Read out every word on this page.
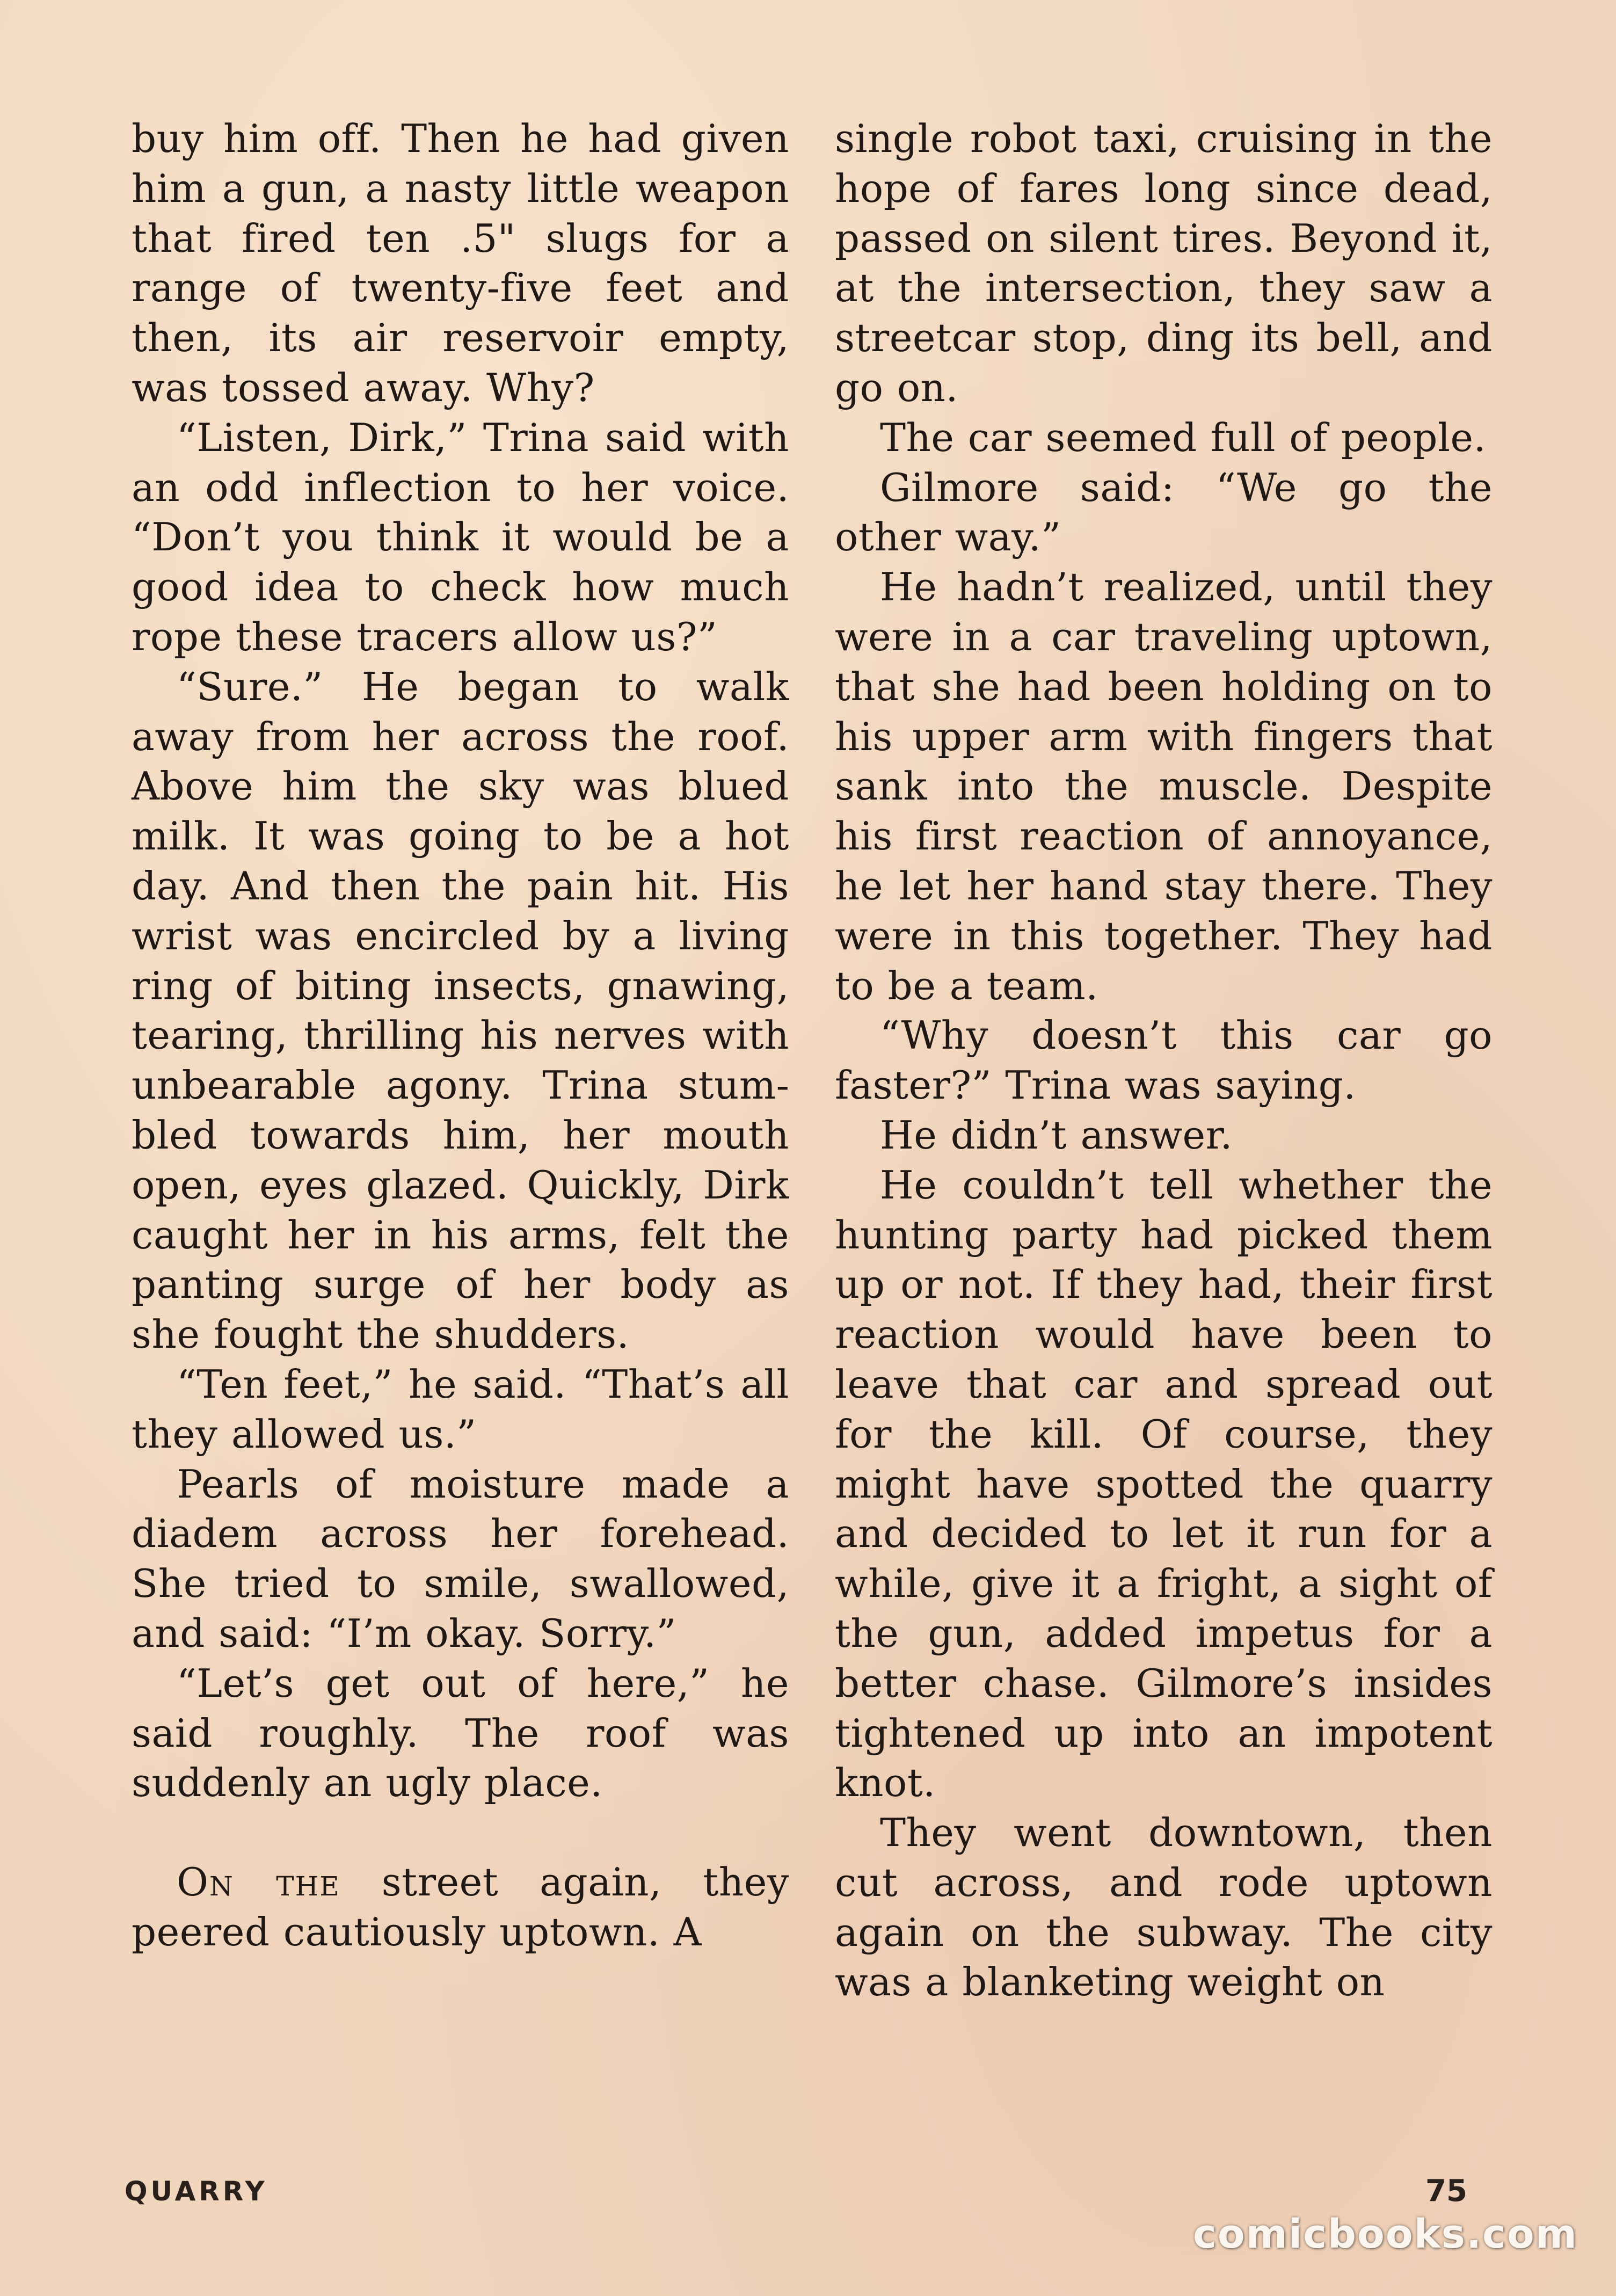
buy him off. Then he had given him a gun, a nasty little weapon that fired ten .5" slugs for a range of twenty-five feet and then, its air reservoir empty, was tossed away. Why?

“Listen, Dirk,” Trina said with an odd inflection to her voice. “Don’t you think it would be a good idea to check how much rope these tracers allow us?”

“Sure.” He began to walk away from her across the roof. Above him the sky was blued milk. It was going to be a hot day. And then the pain hit. His wrist was encircled by a living ring of biting insects, gnawing, tearing, thrilling his nerves with unbearable agony. Trina stumbled towards him, her mouth open, eyes glazed. Quickly, Dirk caught her in his arms, felt the panting surge of her body as she fought the shudders.

“Ten feet,” he said. “That’s all they allowed us.”

Pearls of moisture made a diadem across her forehead. She tried to smile, swallowed, and said: “I’m okay. Sorry.”

“Let’s get out of here,” he said roughly. The roof was suddenly an ugly place.

On the street again, they peered cautiously uptown. A

single robot taxi, cruising in the hope of fares long since dead, passed on silent tires. Beyond it, at the intersection, they saw a streetcar stop, ding its bell, and go on.

The car seemed full of people.

Gilmore said: “We go the other way.”

He hadn’t realized, until they were in a car traveling uptown, that she had been holding on to his upper arm with fingers that sank into the muscle. Despite his first reaction of annoyance, he let her hand stay there. They were in this together. They had to be a team.

“Why doesn’t this car go faster?” Trina was saying.

He didn’t answer.

He couldn’t tell whether the hunting party had picked them up or not. If they had, their first reaction would have been to leave that car and spread out for the kill. Of course, they might have spotted the quarry and decided to let it run for a while, give it a fright, a sight of the gun, added impetus for a better chase. Gilmore’s insides tightened up into an impotent knot.

They went downtown, then cut across, and rode uptown again on the subway. The city was a blanketing weight on

QUARRY	75
comicbooks.com
